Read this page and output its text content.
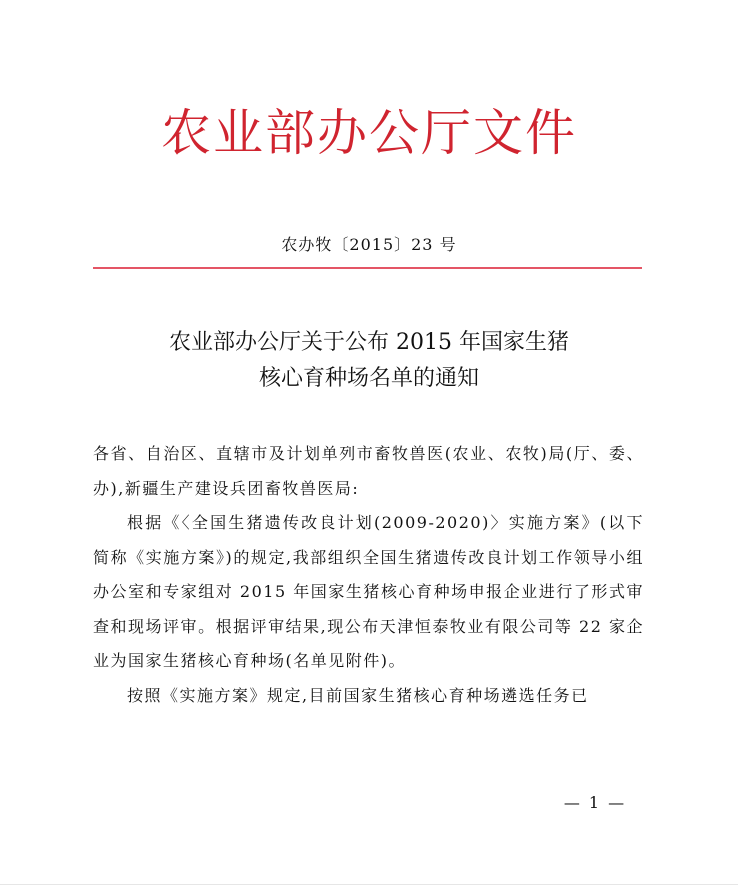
农业部办公厅文件
农办牧〔2015〕23 号
农业部办公厅关于公布 2015 年国家生猪
核心育种场名单的通知

各省、自治区、直辖市及计划单列市畜牧兽医(农业、农牧)局(厅、委、办),新疆生产建设兵团畜牧兽医局:

根据《〈全国生猪遗传改良计划(2009-2020)〉实施方案》(以下简称《实施方案》)的规定,我部组织全国生猪遗传改良计划工作领导小组办公室和专家组对 2015 年国家生猪核心育种场申报企业进行了形式审查和现场评审。根据评审结果,现公布天津恒泰牧业有限公司等 22 家企业为国家生猪核心育种场(名单见附件)。

按照《实施方案》规定,目前国家生猪核心育种场遴选任务已

— 1 —
